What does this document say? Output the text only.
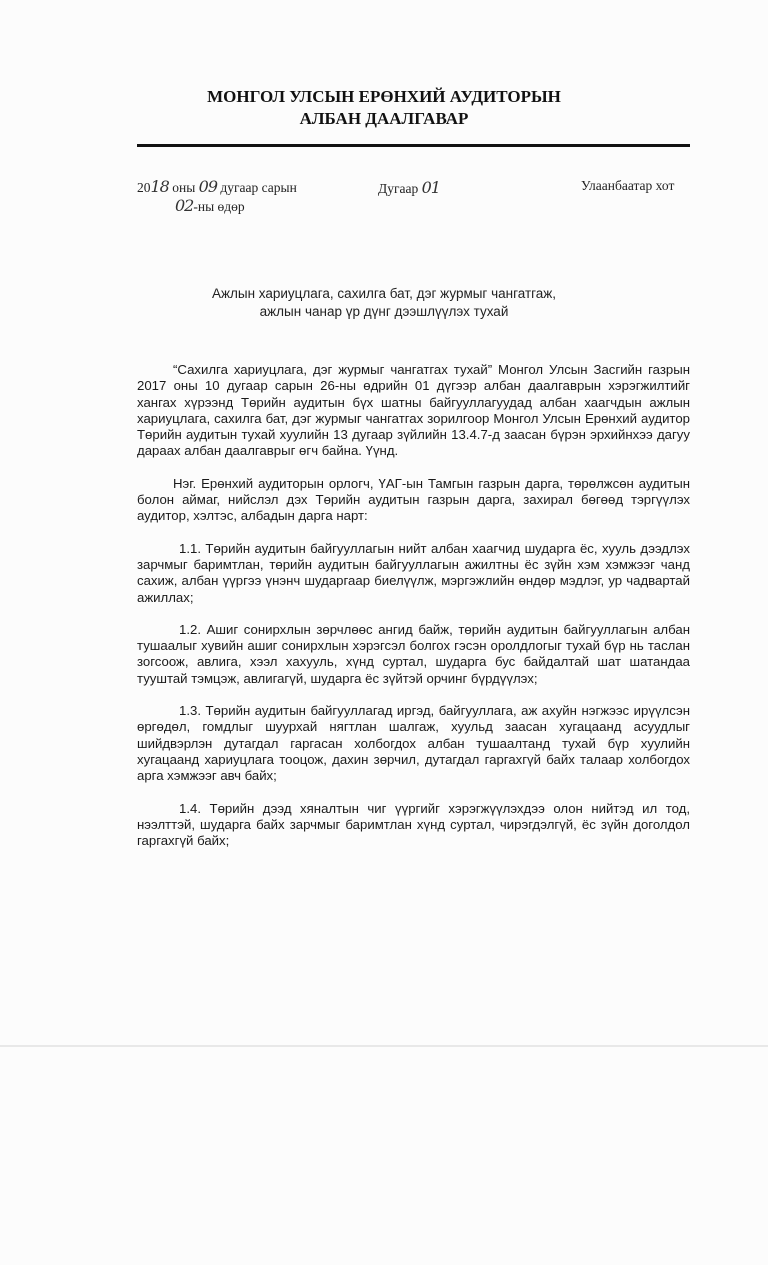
МОНГОЛ УЛСЫН ЕРӨНХИЙ АУДИТОРЫН
АЛБАН ДААЛГАВАР
2018 оны 09 дугаар сарын
02-ны өдөр
Дугаар 01	Улаанбаатар хот
Ажлын хариуцлага, сахилга бат, дэг журмыг чангатгаж,
ажлын чанар үр дүнг дээшлүүлэх тухай

“Сахилга хариуцлага, дэг журмыг чангатгах тухай” Монгол Улсын Засгийн газрын 2017 оны 10 дугаар сарын 26-ны өдрийн 01 дүгээр албан даалгаврын хэрэгжилтийг хангах хүрээнд Төрийн аудитын бүх шатны байгууллагуудад албан хаагчдын ажлын хариуцлага, сахилга бат, дэг журмыг чангатгах зорилгоор Монгол Улсын Ерөнхий аудитор Төрийн аудитын тухай хуулийн 13 дугаар зүйлийн 13.4.7-д заасан бүрэн эрхийнхээ дагуу дараах албан даалгаврыг өгч байна. Үүнд.

Нэг. Ерөнхий аудиторын орлогч, ҮАГ-ын Тамгын газрын дарга, төрөлжсөн аудитын болон аймаг, нийслэл дэх Төрийн аудитын газрын дарга, захирал бөгөөд тэргүүлэх аудитор, хэлтэс, албадын дарга нарт:

1.1. Төрийн аудитын байгууллагын нийт албан хаагчид шударга ёс, хууль дээдлэх зарчмыг баримтлан, төрийн аудитын байгууллагын ажилтны ёс зүйн хэм хэмжээг чанд сахиж, албан үүргээ үнэнч шударгаар биелүүлж, мэргэжлийн өндөр мэдлэг, ур чадвартай ажиллах;

1.2. Ашиг сонирхлын зөрчлөөс ангид байж, төрийн аудитын байгууллагын албан тушаалыг хувийн ашиг сонирхлын хэрэгсэл болгох гэсэн оролдлогыг тухай бүр нь таслан зогсоож, авлига, хээл хахууль, хүнд суртал, шударга бус байдалтай шат шатандаа тууштай тэмцэж, авлигагүй, шударга ёс зүйтэй орчинг бүрдүүлэх;

1.3. Төрийн аудитын байгууллагад иргэд, байгууллага, аж ахуйн нэгжээс ирүүлсэн өргөдөл, гомдлыг шуурхай нягтлан шалгаж, хуульд заасан хугацаанд асуудлыг шийдвэрлэн дутагдал гаргасан холбогдох албан тушаалтанд тухай бүр хуулийн хугацаанд хариуцлага тооцож, дахин зөрчил, дутагдал гаргахгүй байх талаар холбогдох арга хэмжээг авч байх;

1.4. Төрийн дээд хяналтын чиг үүргийг хэрэгжүүлэхдээ олон нийтэд ил тод, нээлттэй, шударга байх зарчмыг баримтлан хүнд суртал, чирэгдэлгүй, ёс зүйн доголдол гаргахгүй байх;
